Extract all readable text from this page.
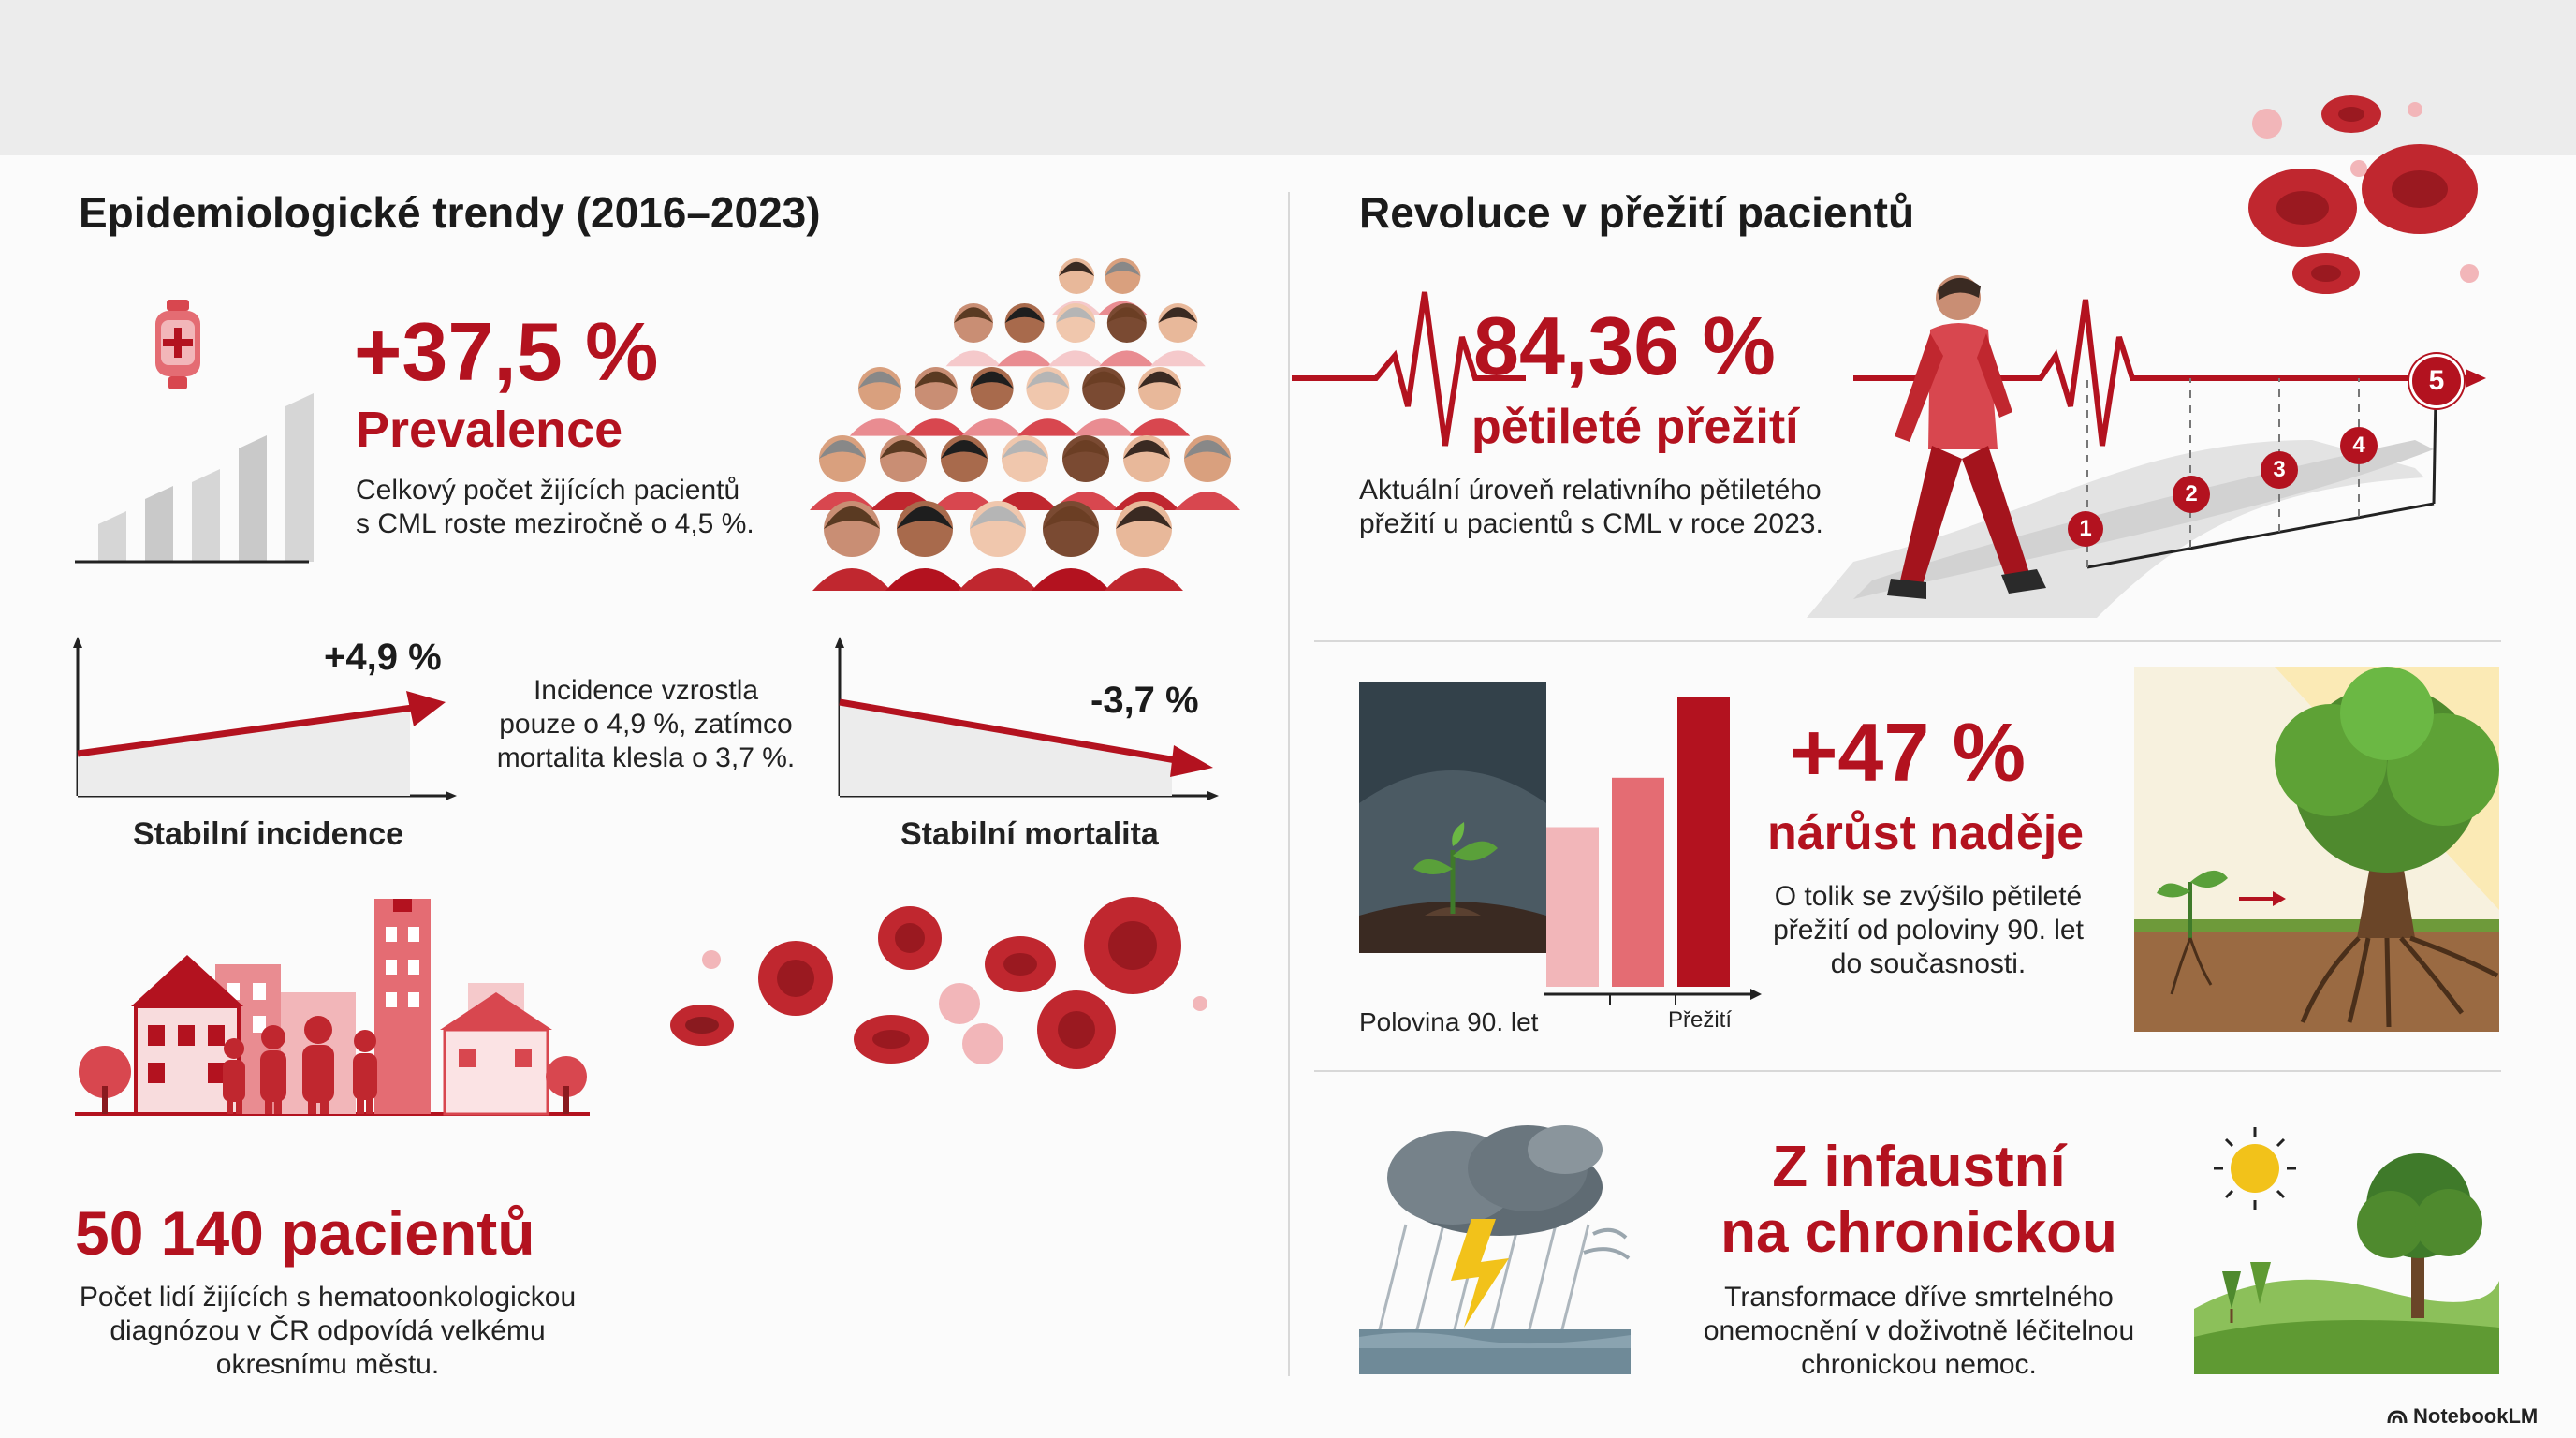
Epidemiologické trendy (2016–2023)
+37,5 %
Prevalence
Celkový počet žijících pacientů
s CML roste meziročně o 4,5 %.
+4,9 %
Stabilní incidence
Incidence vzrostla
pouze o 4,9 %, zatímco
mortalita klesla o 3,7 %.
-3,7 %
Stabilní mortalita
50 140 pacientů
Počet lidí žijících s hematoonkologickou
diagnózou v ČR odpovídá velkému
okresnímu městu.
Revoluce v přežití pacientů
1
2
3
4
5
84,36 %
pětileté přežití
Aktuální úroveň relativního pětiletého
přežití u pacientů s CML v roce 2023.
Polovina 90. let	Přežití
+47 %
nárůst naděje
O tolik se zvýšilo pětileté
přežití od poloviny 90. let
do současnosti.
Z infaustní
na chronickou
Transformace dříve smrtelného
onemocnění v doživotně léčitelnou
chronickou nemoc.
NotebookLM
